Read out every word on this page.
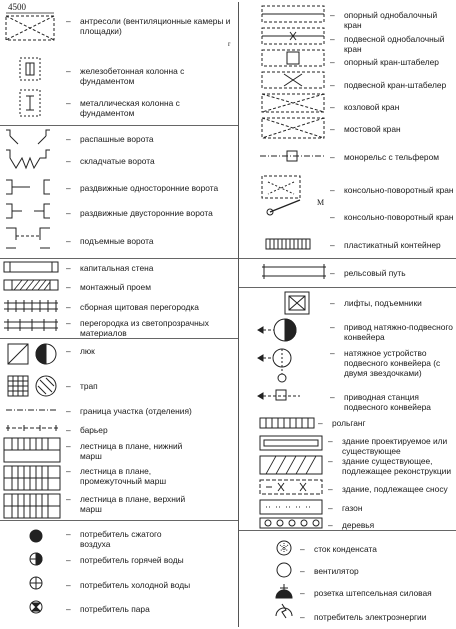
4500
M
r
– антресоли (вентиляционные камеры и площадки)
– железобетонная колонна с фундаментом
– металлическая колонна с фундаментом
– распашные ворота
– складчатые ворота
– раздвижные односторонние ворота
– раздвижные двусторонние ворота
– подъемные ворота
– капитальная стена
– монтажный проем
– сборная щитовая перегородка
– перегородка из светопрозрачных материалов
– люк
– трап
– граница участка (отделения)
– барьер
– лестница в плане, нижний марш
– лестница в плане, промежуточный марш
– лестница в плане, верхний марш
– потребитель сжатого воздуха
– потребитель горячей воды
– потребитель холодной воды
– потребитель пара
– опорный однобалочный кран
– подвесной однобалочный кран
– опорный кран-штабелер
– подвесной кран-штабелер
– козловой кран
– мостовой кран
– монорельс с тельфером
– консольно-поворотный кран
– консольно-поворотный кран
– пластикатный контейнер
– рельсовый путь
– лифты, подъемники
– привод натяжно-подвесного конвейера
– натяжное устройство подвесного конвейера (с двумя звездочками)
– приводная станция подвесного конвейера
– рольганг
– здание проектируемое или существующее
– здание существующее, подлежащее реконструкции
– здание, подлежащее сносу
– газон
– деревья
– сток конденсата
– вентилятор
– розетка штепсельная силовая
– потребитель электроэнергии
